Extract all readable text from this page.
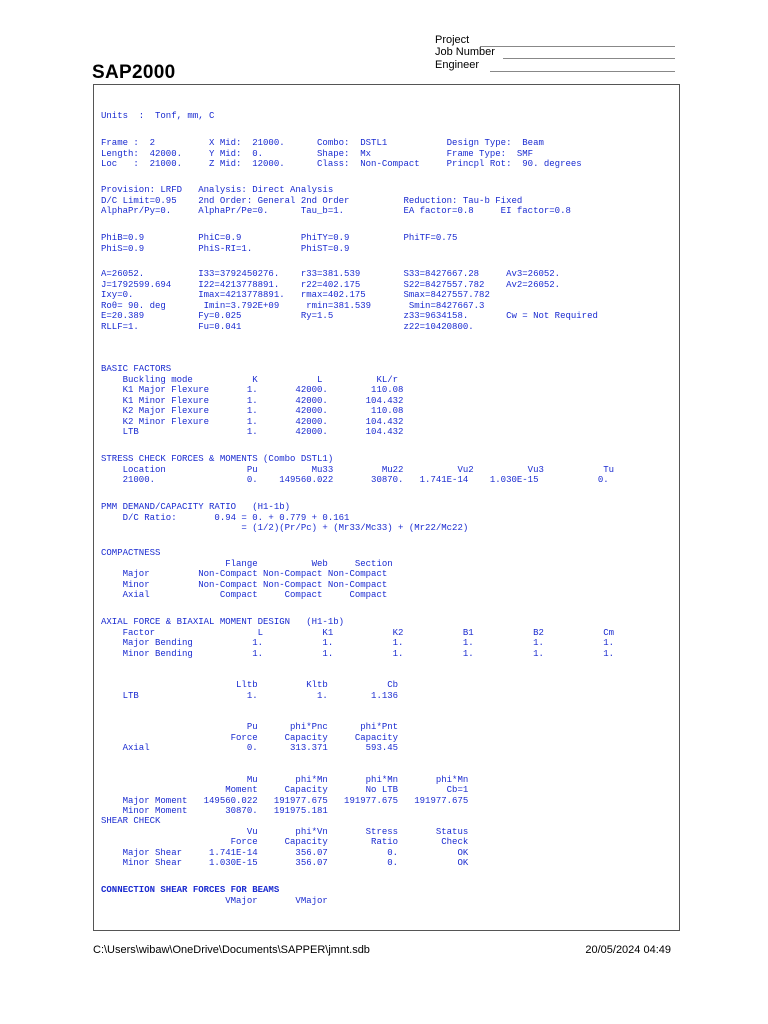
Project
Job Number
Engineer
SAP2000
Units  :  Tonf, mm, C
Frame :  2          X Mid:  21000.      Combo:  DSTL1           Design Type:  Beam
Length:  42000.     Y Mid:  0.          Shape:  Mx              Frame Type:  SMF
Loc   :  21000.     Z Mid:  12000.      Class:  Non-Compact     Princpl Rot:  90. degrees
Provision: LRFD   Analysis: Direct Analysis
D/C Limit=0.95    2nd Order: General 2nd Order          Reduction: Tau-b Fixed
AlphaPr/Py=0.     AlphaPr/Pe=0.      Tau_b=1.           EA factor=0.8     EI factor=0.8
PhiB=0.9          PhiC=0.9           PhiTY=0.9          PhiTF=0.75
PhiS=0.9          PhiS-RI=1.         PhiST=0.9
A=26052.          I33=3792450276.    r33=381.539        S33=8427667.28     Av3=26052.
J=1792599.694     I22=4213778891.    r22=402.175        S22=8427557.782    Av2=26052.
Ixy=0.            Imax=4213778891.   rmax=402.175       Smax=8427557.782
Roθ= 90. deg       Imin=3.792E+09     rmin=381.539       Smin=8427667.3
E=20.389          Fy=0.025           Ry=1.5             z33=9634158.       Cw = Not Required
RLLF=1.           Fu=0.041                              z22=10420800.
BASIC FACTORS
Buckling mode           K           L          KL/r
K1 Major Flexure       1.       42000.        110.08
K1 Minor Flexure       1.       42000.       104.432
K2 Major Flexure       1.       42000.        110.08
K2 Minor Flexure       1.       42000.       104.432
LTB                    1.       42000.       104.432
STRESS CHECK FORCES & MOMENTS (Combo DSTL1)
Location               Pu          Mu33         Mu22          Vu2          Vu3           Tu
21000.                 0.    149560.022       30870.   1.741E-14    1.030E-15           0.
PMM DEMAND/CAPACITY RATIO   (H1-1b)
D/C Ratio:       0.94 = 0. + 0.779 + 0.161
= (1/2)(Pr/Pc) + (Mr33/Mc33) + (Mr22/Mc22)
COMPACTNESS
Flange          Web     Section
Major         Non-Compact Non-Compact Non-Compact
Minor         Non-Compact Non-Compact Non-Compact
Axial             Compact     Compact     Compact
AXIAL FORCE & BIAXIAL MOMENT DESIGN   (H1-1b)
Factor                   L           K1           K2           B1           B2           Cm
Major Bending           1.           1.           1.           1.           1.           1.
Minor Bending           1.           1.           1.           1.           1.           1.

Lltb         Kltb           Cb
LTB                    1.           1.        1.136

Pu      phi*Pnc      phi*Pnt
Force     Capacity     Capacity
Axial                  0.      313.371       593.45

Mu       phi*Mn       phi*Mn       phi*Mn
Moment     Capacity       No LTB         Cb=1
Major Moment   149560.022   191977.675   191977.675   191977.675
Minor Moment       30870.   191975.181
SHEAR CHECK
Vu       phi*Vn       Stress       Status
Force     Capacity        Ratio        Check
Major Shear     1.741E-14       356.07           0.           OK
Minor Shear     1.030E-15       356.07           0.           OK
CONNECTION SHEAR FORCES FOR BEAMS
VMajor       VMajor
C:\Users\wibaw\OneDrive\Documents\SAPPER\jmnt.sdb	20/05/2024 04:49
